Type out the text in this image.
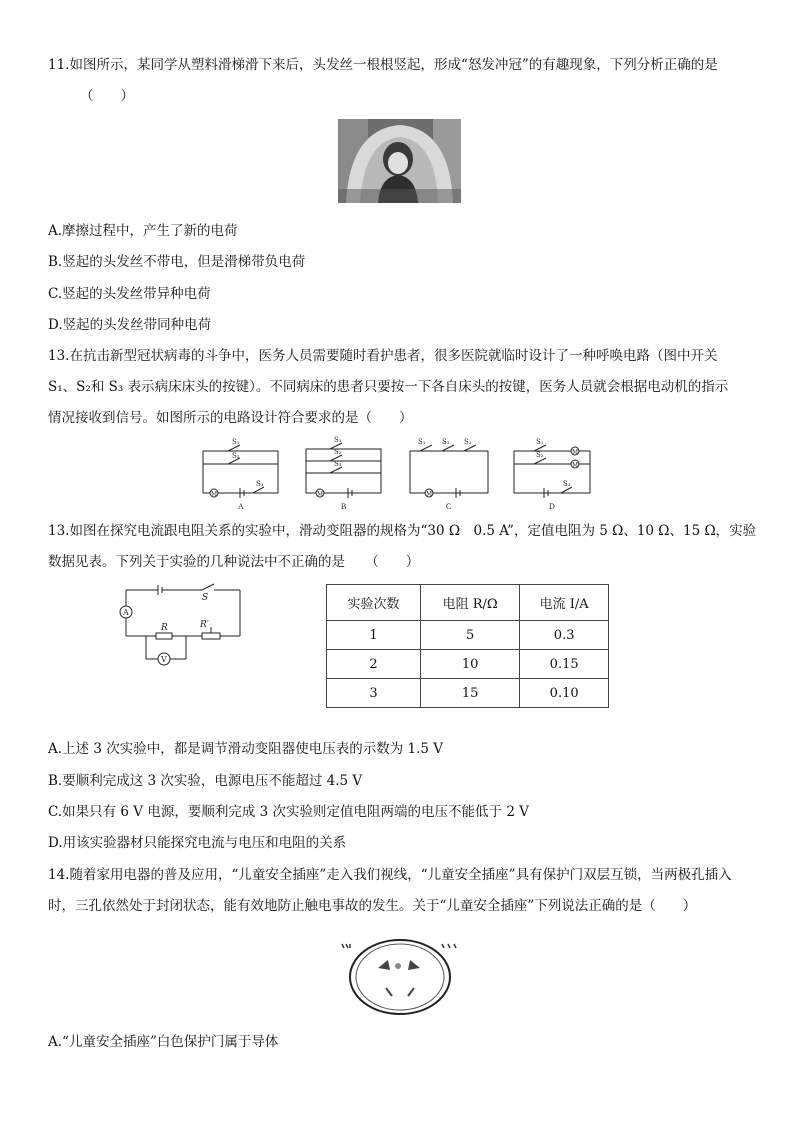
11.如图所示，某同学从塑料滑梯滑下来后，头发丝一根根竖起，形成“怒发冲冠”的有趣现象，下列分析正确的是
（　　）
A.摩擦过程中，产生了新的电荷
B.竖起的头发丝不带电，但是滑梯带负电荷
C.竖起的头发丝带异种电荷
D.竖起的头发丝带同种电荷
13.在抗击新型冠状病毒的斗争中，医务人员需要随时看护患者，很多医院就临时设计了一种呼唤电路（图中开关
S₁、S₂和 S₃ 表示病床床头的按键）。不同病床的患者只要按一下各自床头的按键，医务人员就会根据电动机的指示
情况接收到信号。如图所示的电路设计符合要求的是（　　）
M	M	M
M
M
S₁
S₂
S₃
S₁
S₂
S₃
S₁ S₂ S₃	S₁
S₂
S₃
A	B	C	D
13.如图在探究电流跟电阻关系的实验中，滑动变阻器的规格为“30 Ω　0.5 A”，定值电阻为 5 Ω、10 Ω、15 Ω，实验
数据见表。下列关于实验的几种说法中不正确的是　　（　　）
A
V
S
R	R′
实验次数	电阻 R/Ω	电流 I/A
1	5	0.3
2	10	0.15
3	15	0.10
A.上述 3 次实验中，都是调节滑动变阻器使电压表的示数为 1.5 V
B.要顺利完成这 3 次实验，电源电压不能超过 4.5 V
C.如果只有 6 V 电源，要顺利完成 3 次实验则定值电阻两端的电压不能低于 2 V
D.用该实验器材只能探究电流与电压和电阻的关系
14.随着家用电器的普及应用，“儿童安全插座”走入我们视线，“儿童安全插座”具有保护门双层互锁，当两极孔插入
时，三孔依然处于封闭状态，能有效地防止触电事故的发生。关于“儿童安全插座”下列说法正确的是（　　）
A.“儿童安全插座”白色保护门属于导体
